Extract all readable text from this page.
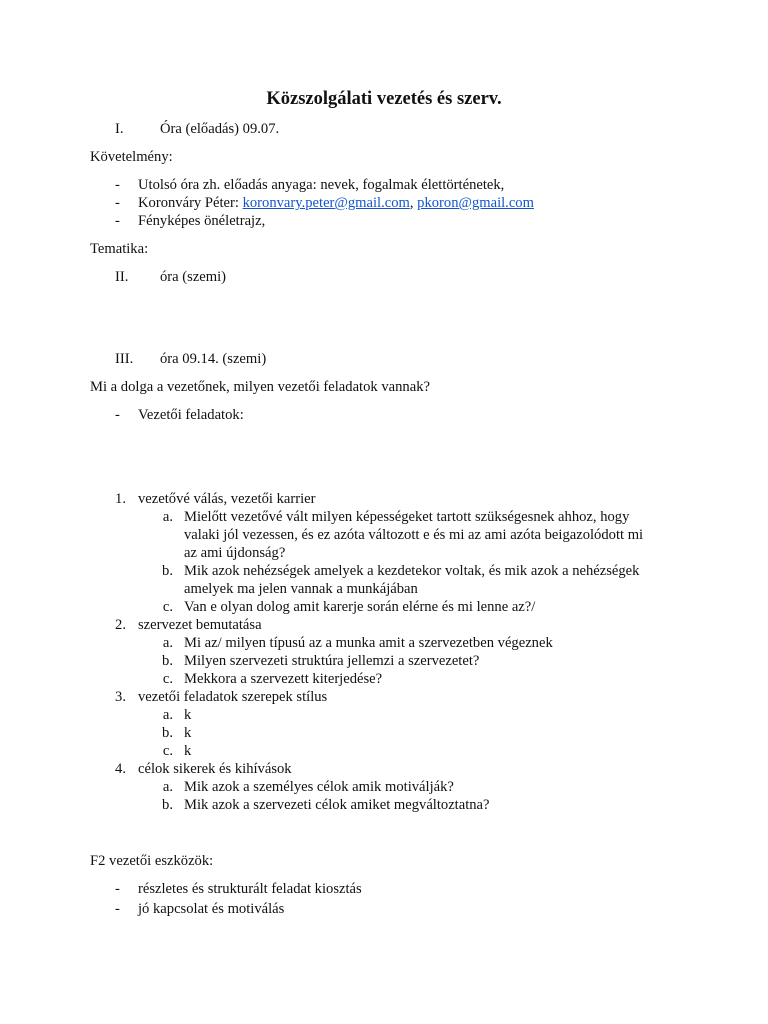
Közszolgálati vezetés és szerv.
I. Óra (előadás) 09.07.
Követelmény:
- Utolsó óra zh. előadás anyaga: nevek, fogalmak élettörténetek,
- Koronváry Péter: koronvary.peter@gmail.com, pkoron@gmail.com
- Fényképes önéletrajz,
Tematika:
II. óra (szemi)
III. óra 09.14. (szemi)
Mi a dolga a vezetőnek, milyen vezetői feladatok vannak?
- Vezetői feladatok:
1. vezetővé válás, vezetői karrier
a. Mielőtt vezetővé vált milyen képességeket tartott szükségesnek ahhoz, hogy
valaki jól vezessen, és ez azóta változott e és mi az ami azóta beigazolódott mi
az ami újdonság?
b. Mik azok nehézségek amelyek a kezdetekor voltak, és mik azok a nehézségek
amelyek ma jelen vannak a munkájában
c. Van e olyan dolog amit karerje során elérne és mi lenne az?/
2. szervezet bemutatása
a. Mi az/ milyen típusú az a munka amit a szervezetben végeznek
b. Milyen szervezeti struktúra jellemzi a szervezetet?
c. Mekkora a szervezett kiterjedése?
3. vezetői feladatok szerepek stílus
a. k
b. k
c. k
4. célok sikerek és kihívások
a. Mik azok a személyes célok amik motiválják?
b. Mik azok a szervezeti célok amiket megváltoztatna?
F2 vezetői eszközök:
- részletes és strukturált feladat kiosztás
- jó kapcsolat és motiválás
